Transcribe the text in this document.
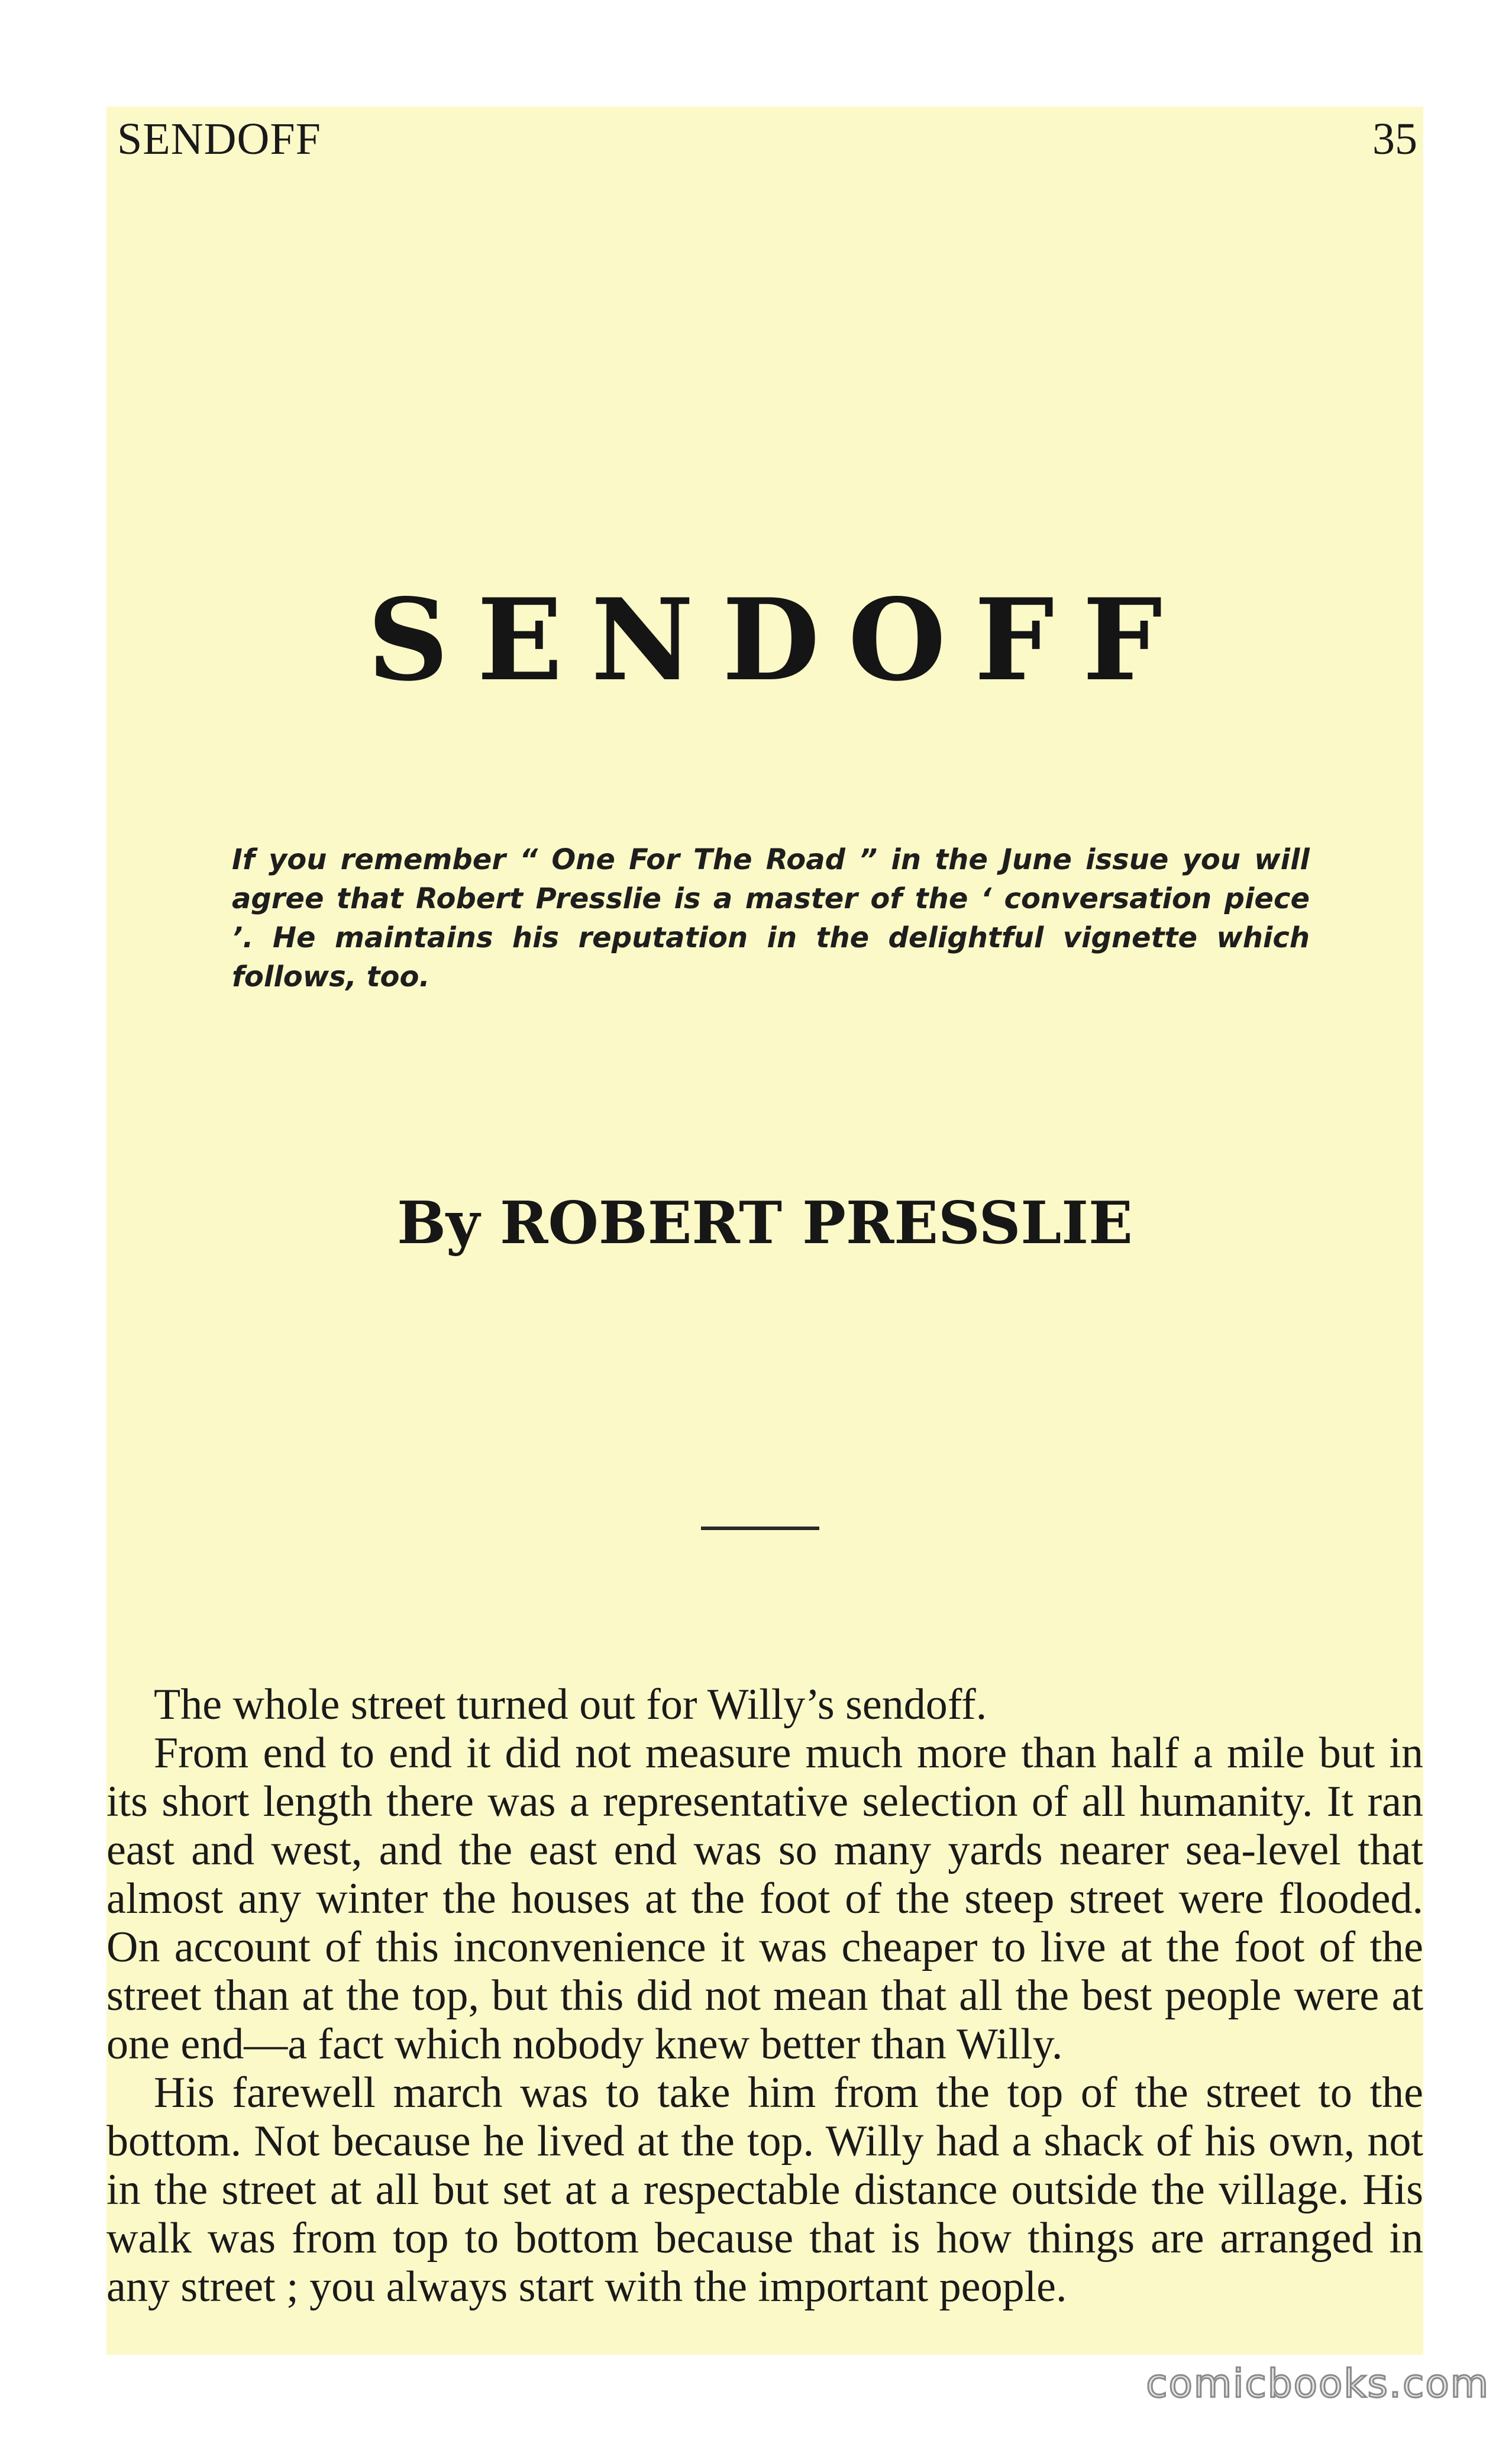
SENDOFF	35
SENDOFF
If you remember “ One For The Road ” in the June issue you will agree that Robert Presslie is a master of the ‘ conversation piece ’. He maintains his reputation in the delightful vignette which follows, too.
By ROBERT PRESSLIE

The whole street turned out for Willy’s sendoff.

From end to end it did not measure much more than half a mile but in its short length there was a representative selection of all humanity. It ran east and west, and the east end was so many yards nearer sea-level that almost any winter the houses at the foot of the steep street were flooded. On account of this inconvenience it was cheaper to live at the foot of the street than at the top, but this did not mean that all the best people were at one end—a fact which nobody knew better than Willy.

His farewell march was to take him from the top of the street to the bottom. Not because he lived at the top. Willy had a shack of his own, not in the street at all but set at a respectable distance outside the village. His walk was from top to bottom because that is how things are arranged in any street ; you always start with the important people.

comicbooks.com
